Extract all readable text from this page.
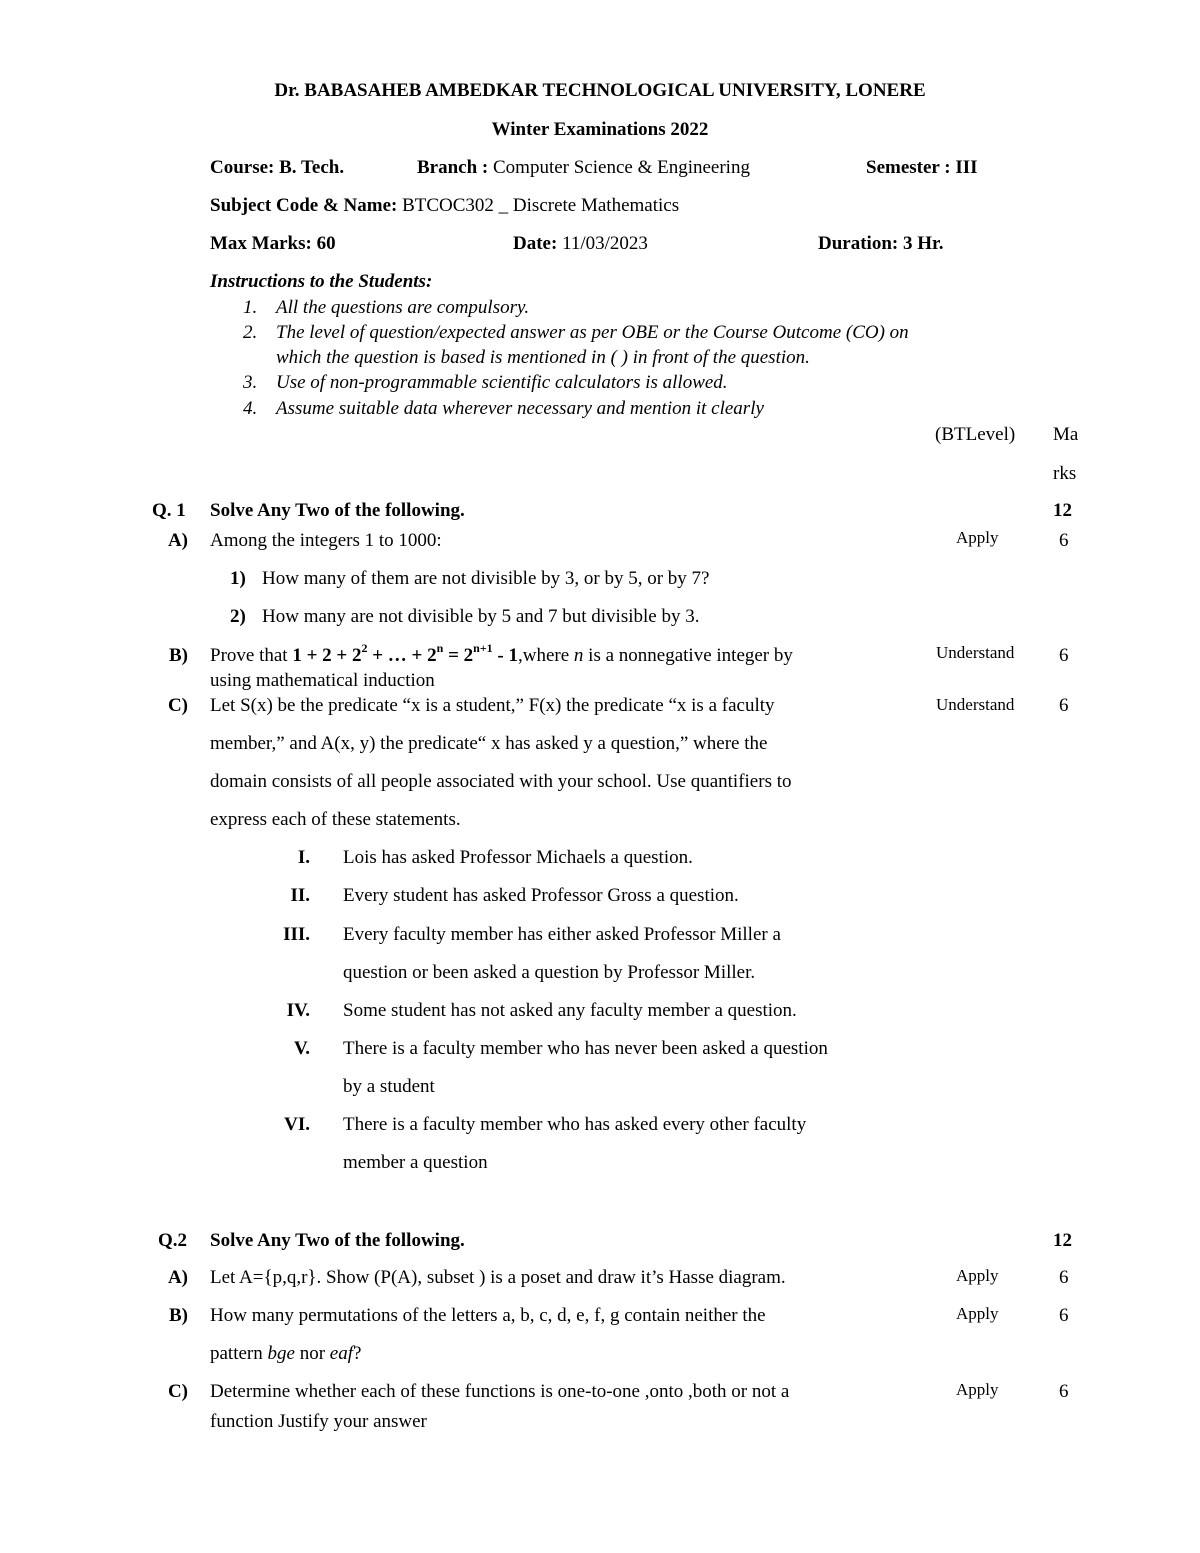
Dr. BABASAHEB AMBEDKAR TECHNOLOGICAL UNIVERSITY, LONERE
Winter Examinations 2022
Course: B. Tech.	Branch : Computer Science & Engineering	Semester : III
Subject Code & Name: BTCOC302 _ Discrete Mathematics
Max Marks: 60	Date: 11/03/2023	Duration: 3 Hr.
Instructions to the Students:
1. All the questions are compulsory.
2. The level of question/expected answer as per OBE or the Course Outcome (CO) on
which the question is based is mentioned in ( ) in front of the question.
3. Use of non-programmable scientific calculators is allowed.
4. Assume suitable data wherever necessary and mention it clearly
(BTLevel) Ma
rks
Q. 1 Solve Any Two of the following.	12
A) Among the integers 1 to 1000:	Apply	6
1) How many of them are not divisible by 3, or by 5, or by 7?
2) How many are not divisible by 5 and 7 but divisible by 3.
B) Prove that $1 + 2 + 2^2$ + … + $2^n = 2^{n+1}$ - 1,where n is a nonnegative integer by
using mathematical induction
Understand 6
C) Let S(x) be the predicate “x is a student,” F(x) the predicate “x is a faculty
member,” and A(x, y) the predicate“ x has asked y a question,” where the
domain consists of all people associated with your school. Use quantifiers to
express each of these statements.
Understand 6
I. Lois has asked Professor Michaels a question.
II. Every student has asked Professor Gross a question.
III. Every faculty member has either asked Professor Miller a
question or been asked a question by Professor Miller.
IV. Some student has not asked any faculty member a question.
V. There is a faculty member who has never been asked a question
by a student
VI. There is a faculty member who has asked every other faculty
member a question
Q.2 Solve Any Two of the following.	12
A) Let A={p,q,r}. Show (P(A), subset ) is a poset and draw it’s Hasse diagram.	Apply	6
B) How many permutations of the letters a, b, c, d, e, f, g contain neither the
pattern bge nor eaf?
Apply	6
C) Determine whether each of these functions is one-to-one ,onto ,both or not a
function Justify your answer
Apply	6
